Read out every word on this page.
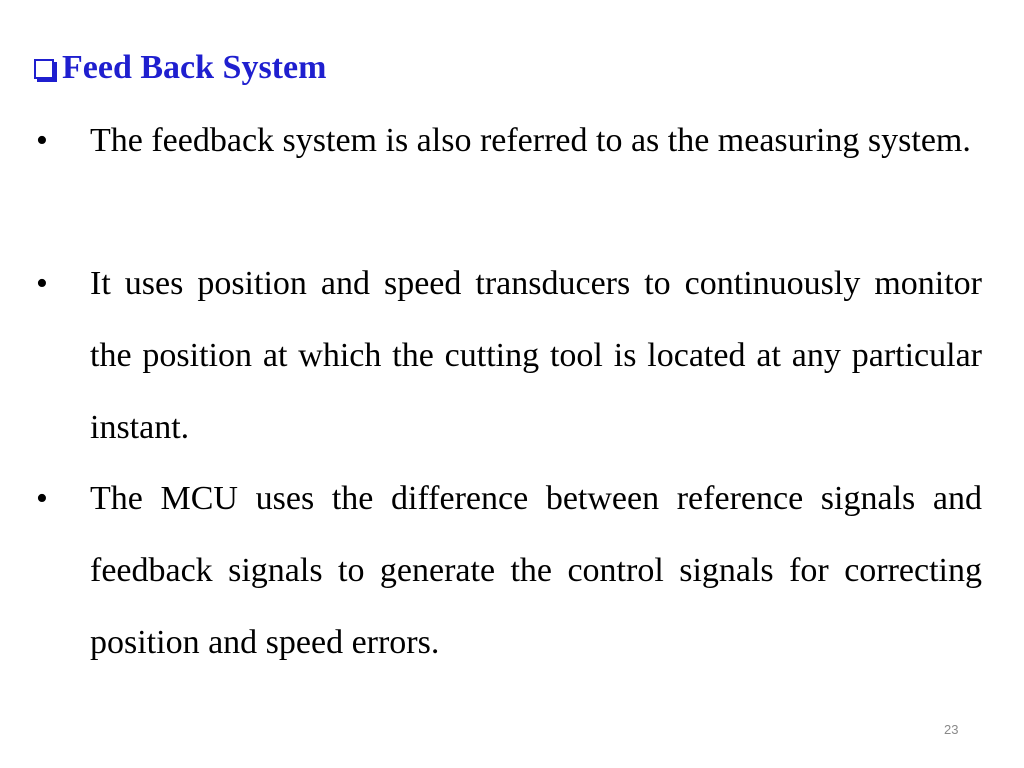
Feed Back System
• The feedback system is also referred to as the measuring system.
• It uses position and speed transducers to continuously monitor the position at which the cutting tool is located at any particular instant.
• The MCU uses the difference between reference signals and feedback signals to generate the control signals for correcting position and speed errors.
23
